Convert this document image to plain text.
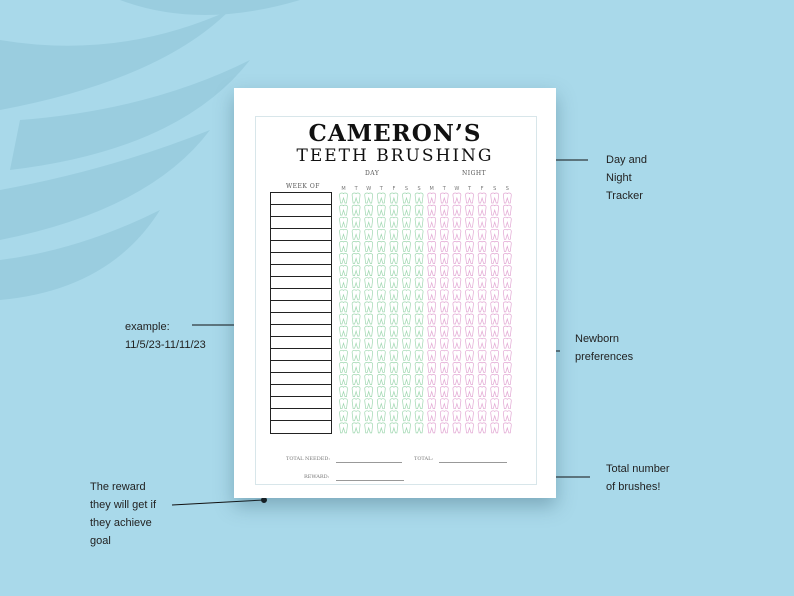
CAMERON’S
TEETH BRUSHING
DAY	NIGHT
WEEK OF	M	T	W	T	F	S	S	M	T	W	T	F	S	S
TOTAL NEEDED:	TOTAL:
REWARD:
Day and
Night
Tracker
example:
11/5/23-11/11/23	Newborn
preferences
Total number
of brushes!
The reward
they will get if
they achieve
goal
